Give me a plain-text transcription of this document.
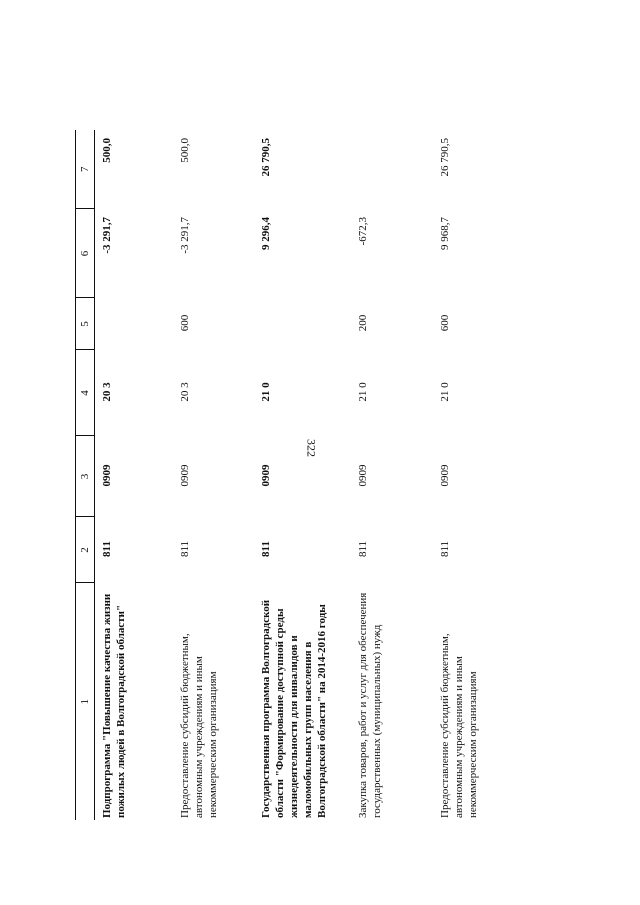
322
1	2	3	4	5	6	7
Подпрограмма "Повышение качества жизни пожилых людей в Волгоградской области"	811	0909	20 3		-3 291,7	500,0
Предоставление субсидий бюджетным, автономным учреждениям и иным некоммерческим организациям	811	0909	20 3	600	-3 291,7	500,0
Государственная программа Волгоградской области "Формирование доступной среды жизнедеятельности для инвалидов и маломобильных групп населения в Волгоградской области" на 2014-2016 годы	811	0909	21 0		9 296,4	26 790,5
Закупка товаров, работ и услуг для обеспечения государственных (муниципальных) нужд	811	0909	21 0	200	-672,3	
Предоставление субсидий бюджетным, автономным учреждениям и иным некоммерческим организациям	811	0909	21 0	600	9 968,7	26 790,5
